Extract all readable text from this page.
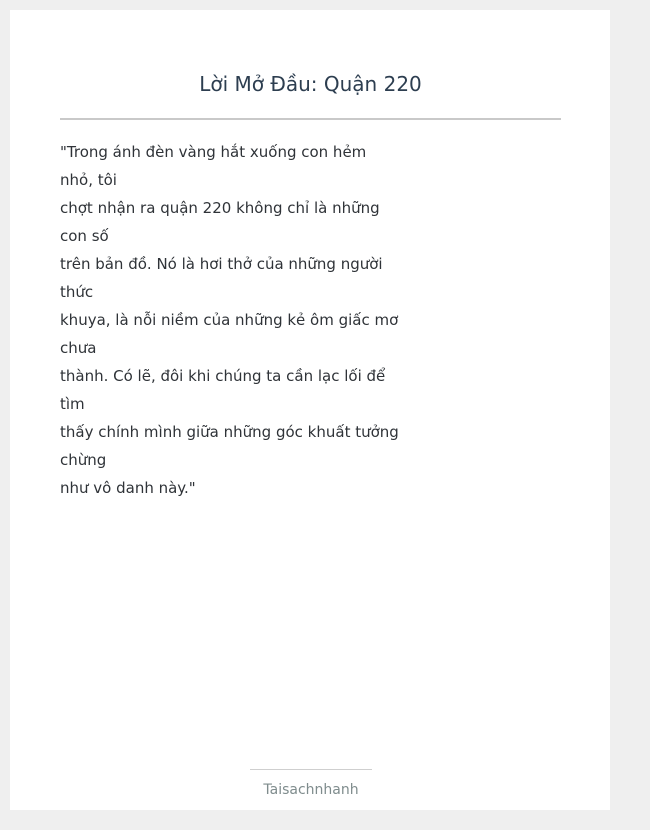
Lời Mở Đầu: Quận 220
"Trong ánh đèn vàng hắt xuống con hẻm nhỏ, tôi
chợt nhận ra quận 220 không chỉ là những con số
trên bản đồ. Nó là hơi thở của những người thức
khuya, là nỗi niềm của những kẻ ôm giấc mơ chưa
thành. Có lẽ, đôi khi chúng ta cần lạc lối để tìm
thấy chính mình giữa những góc khuất tưởng chừng
như vô danh này."
Taisachnhanh
